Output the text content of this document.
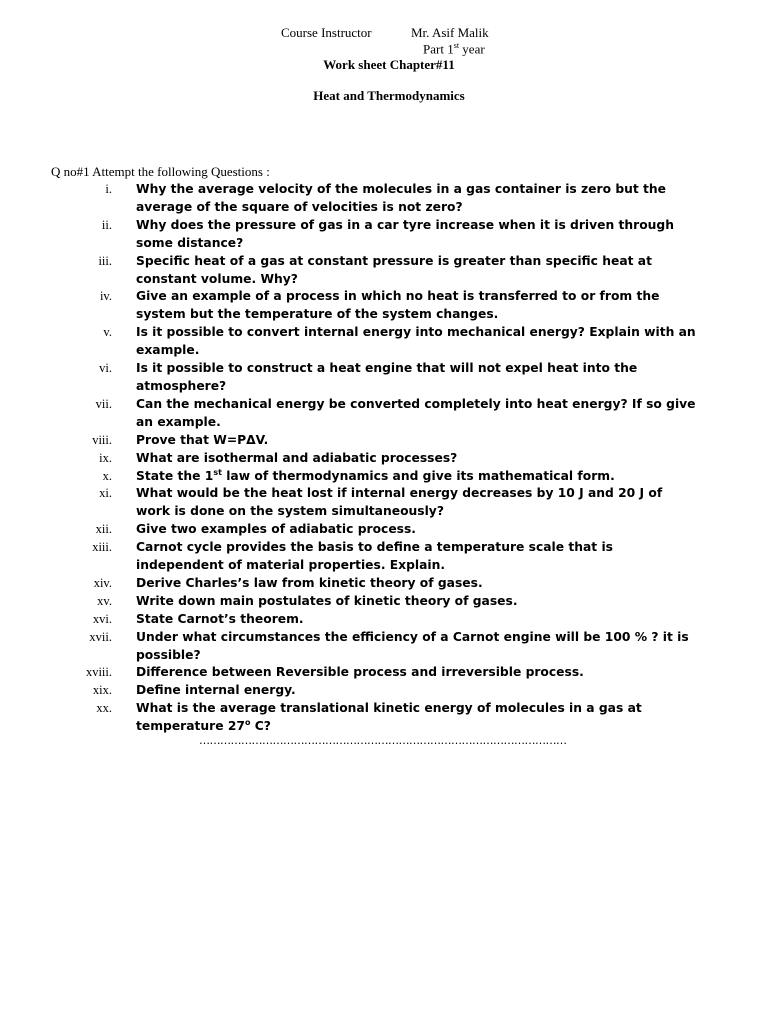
Course Instructor	Mr. Asif Malik
Part 1st year
Work sheet Chapter#11
Heat and Thermodynamics
Q no#1 Attempt the following Questions :
i. Why the average velocity of the molecules in a gas container is zero but the average of the square of velocities is not zero?
ii. Why does the pressure of gas in a car tyre increase when it is driven through some distance?
iii. Specific heat of a gas at constant pressure is greater than specific heat at constant volume. Why?
iv. Give an example of a process in which no heat is transferred to or from the system but the temperature of the system changes.
v. Is it possible to convert internal energy into mechanical energy? Explain with an example.
vi. Is it possible to construct a heat engine that will not expel heat into the atmosphere?
vii. Can the mechanical energy be converted completely into heat energy? If so give an example.
viii. Prove that W=PΔV.
ix. What are isothermal and adiabatic processes?
x. State the 1st law of thermodynamics and give its mathematical form.
xi. What would be the heat lost if internal energy decreases by 10 J and 20 J of work is done on the system simultaneously?
xii. Give two examples of adiabatic process.
xiii. Carnot cycle provides the basis to define a temperature scale that is independent of material properties. Explain.
xiv. Derive Charles’s law from kinetic theory of gases.
xv. Write down main postulates of kinetic theory of gases.
xvi. State Carnot’s theorem.
xvii. Under what circumstances the efficiency of a Carnot engine will be 100 % ? it is possible?
xviii. Difference between Reversible process and irreversible process.
xix. Define internal energy.
xx. What is the average translational kinetic energy of molecules in a gas at temperature 27$^o$ C?
……………………………………………………………………………………………
